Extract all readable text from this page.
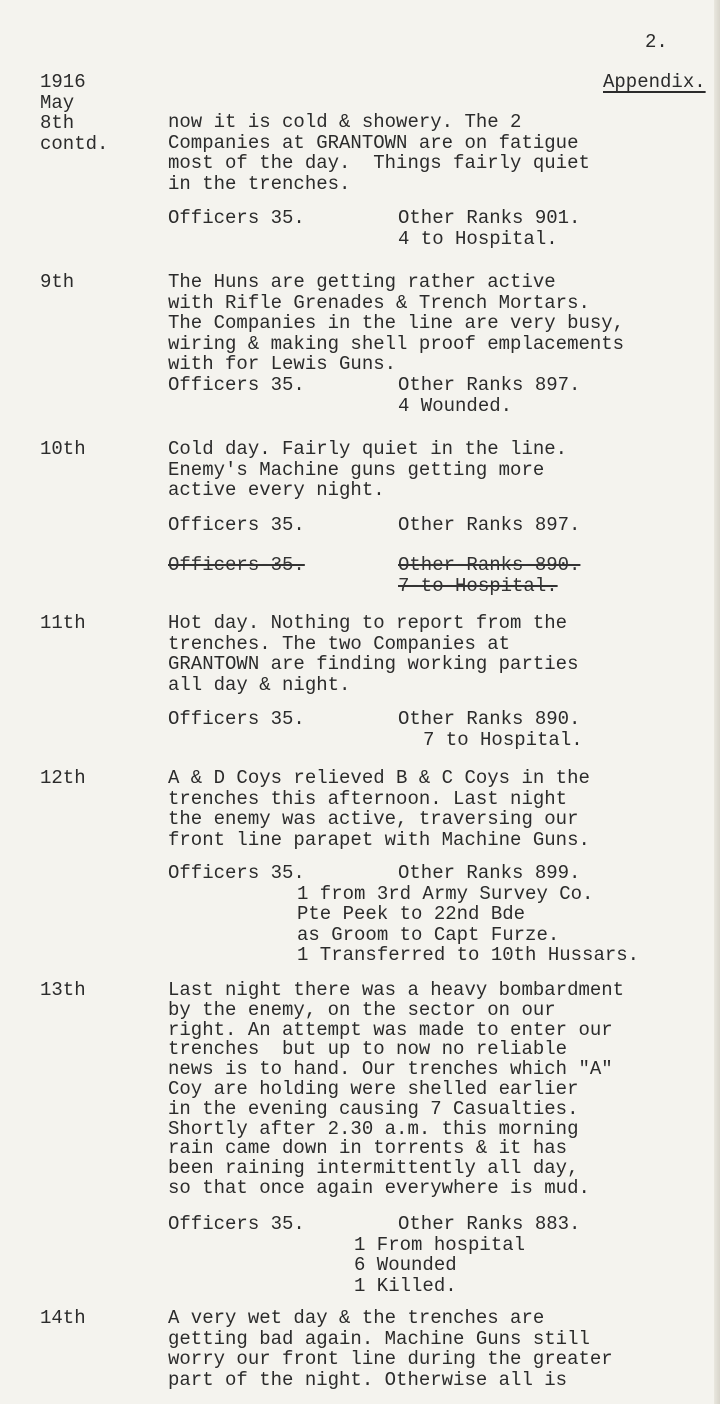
2.
Appendix.
1916
May
8th
contd.
now it is cold & showery. The 2
Companies at GRANTOWN are on fatigue
most of the day.  Things fairly quiet
in the trenches.
Officers 35.	Other Ranks 901.
4 to Hospital.
9th	The Huns are getting rather active
with Rifle Grenades & Trench Mortars.
The Companies in the line are very busy,
wiring & making shell proof emplacements
with for Lewis Guns.
Officers 35.	Other Ranks 897.
4 Wounded.
10th	Cold day. Fairly quiet in the line.
Enemy's Machine guns getting more
active every night.
Officers 35.	Other Ranks 897.
Officers-35.	Other-Ranks-890.
7-to-Hospital.
11th	Hot day. Nothing to report from the
trenches. The two Companies at
GRANTOWN are finding working parties
all day & night.
Officers 35.	Other Ranks 890.
7 to Hospital.
12th	A & D Coys relieved B & C Coys in the
trenches this afternoon. Last night
the enemy was active, traversing our
front line parapet with Machine Guns.
Officers 35.	Other Ranks 899.
1 from 3rd Army Survey Co.
Pte Peek to 22nd Bde
as Groom to Capt Furze.
1 Transferred to 10th Hussars.
13th	Last night there was a heavy bombardment
by the enemy, on the sector on our
right. An attempt was made to enter our
trenches  but up to now no reliable
news is to hand. Our trenches which "A"
Coy are holding were shelled earlier
in the evening causing 7 Casualties.
Shortly after 2.30 a.m. this morning
rain came down in torrents & it has
been raining intermittently all day,
so that once again everywhere is mud.
Officers 35.	Other Ranks 883.
1 From hospital
6 Wounded
1 Killed.
14th	A very wet day & the trenches are
getting bad again. Machine Guns still
worry our front line during the greater
part of the night. Otherwise all is
